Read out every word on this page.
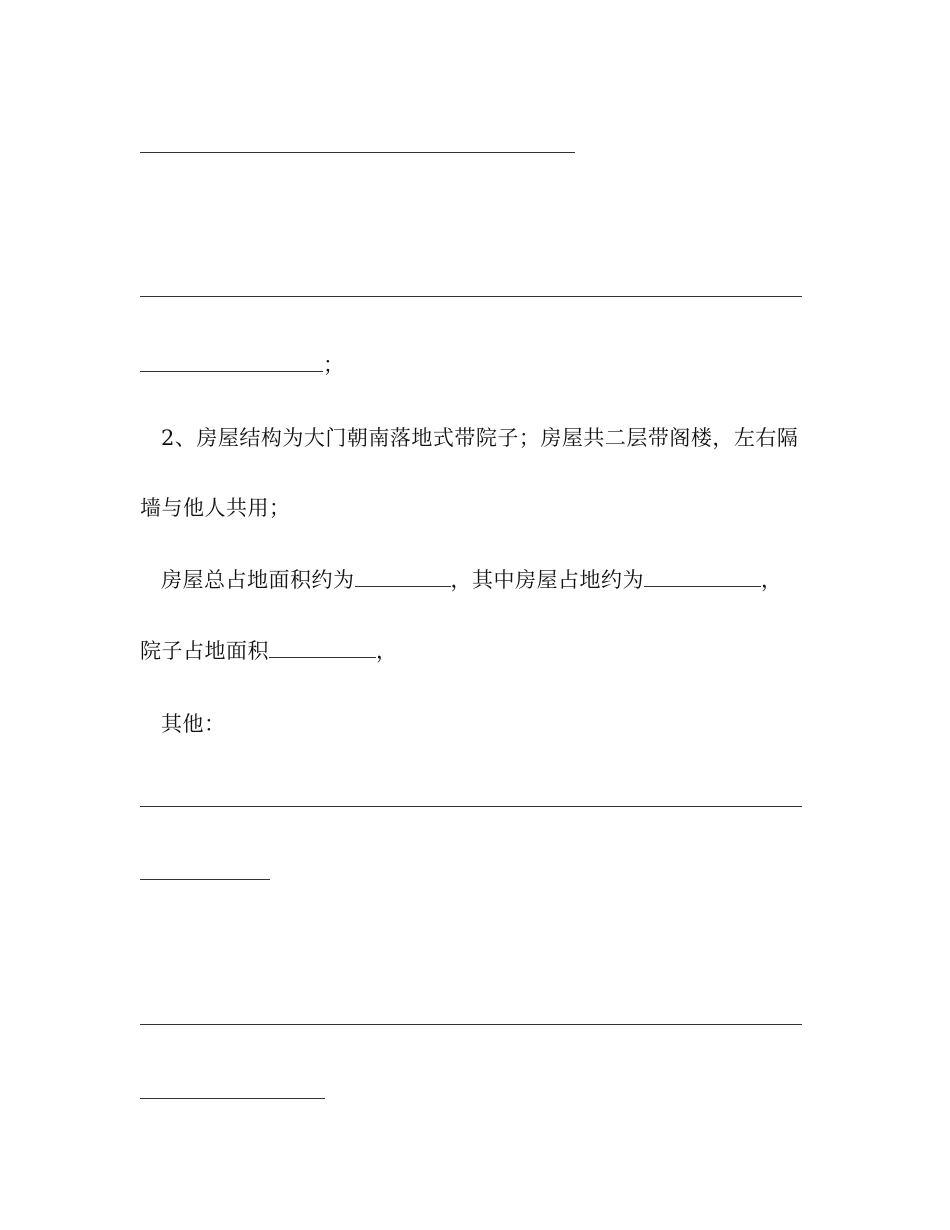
；
2、房屋结构为大门朝南落地式带院子；房屋共二层带阁楼，左右隔
墙与他人共用；
房屋总占地面积约为	，其中房屋占地约为	，
院子占地面积	，
其他：
